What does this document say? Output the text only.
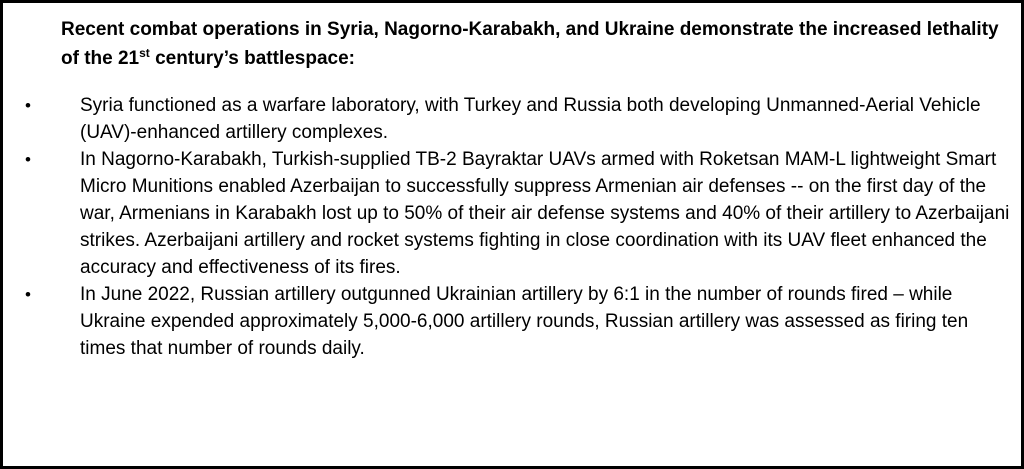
Recent combat operations in Syria, Nagorno-Karabakh, and Ukraine demonstrate the increased lethality of the 21st century’s battlespace:

•	Syria functioned as a warfare laboratory, with Turkey and Russia both developing Unmanned-Aerial Vehicle (UAV)-enhanced artillery complexes.
•	In Nagorno-Karabakh, Turkish-supplied TB-2 Bayraktar UAVs armed with Roketsan MAM-L lightweight Smart Micro Munitions enabled Azerbaijan to successfully suppress Armenian air defenses -- on the first day of the war, Armenians in Karabakh lost up to 50% of their air defense systems and 40% of their artillery to Azerbaijani strikes. Azerbaijani artillery and rocket systems fighting in close coordination with its UAV fleet enhanced the accuracy and effectiveness of its fires.
•	In June 2022, Russian artillery outgunned Ukrainian artillery by 6:1 in the number of rounds fired – while Ukraine expended approximately 5,000-6,000 artillery rounds, Russian artillery was assessed as firing ten times that number of rounds daily.
